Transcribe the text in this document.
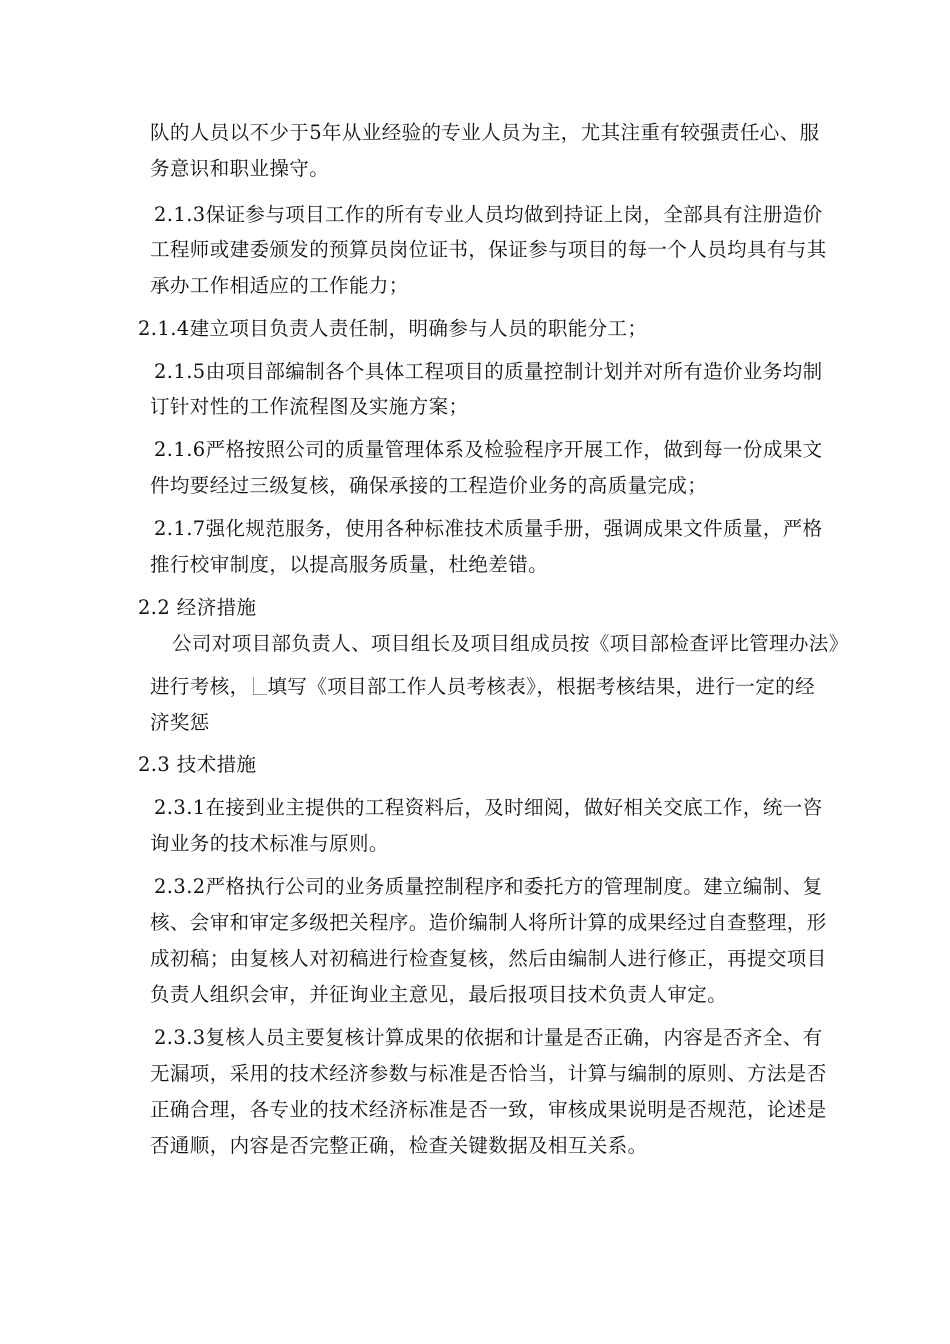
队的人员以不少于5年从业经验的专业人员为主，尤其注重有较强责任心、服
务意识和职业操守。
2.1.3保证参与项目工作的所有专业人员均做到持证上岗，全部具有注册造价
工程师或建委颁发的预算员岗位证书，保证参与项目的每一个人员均具有与其
承办工作相适应的工作能力；
2.1.4建立项目负责人责任制，明确参与人员的职能分工；
2.1.5由项目部编制各个具体工程项目的质量控制计划并对所有造价业务均制
订针对性的工作流程图及实施方案；
2.1.6严格按照公司的质量管理体系及检验程序开展工作，做到每一份成果文
件均要经过三级复核，确保承接的工程造价业务的高质量完成；
2.1.7强化规范服务，使用各种标准技术质量手册，强调成果文件质量，严格
推行校审制度，以提高服务质量，杜绝差错。
2.2 经济措施
公司对项目部负责人、项目组长及项目组成员按《项目部检查评比管理办法》
进行考核， 填写《项目部工作人员考核表》，根据考核结果，进行一定的经
济奖惩
2.3 技术措施
2.3.1在接到业主提供的工程资料后，及时细阅，做好相关交底工作，统一咨
询业务的技术标准与原则。
2.3.2严格执行公司的业务质量控制程序和委托方的管理制度。建立编制、复
核、会审和审定多级把关程序。造价编制人将所计算的成果经过自查整理，形
成初稿；由复核人对初稿进行检查复核，然后由编制人进行修正，再提交项目
负责人组织会审，并征询业主意见，最后报项目技术负责人审定。
2.3.3复核人员主要复核计算成果的依据和计量是否正确，内容是否齐全、有
无漏项，采用的技术经济参数与标准是否恰当，计算与编制的原则、方法是否
正确合理，各专业的技术经济标准是否一致，审核成果说明是否规范，论述是
否通顺，内容是否完整正确，检查关键数据及相互关系。
